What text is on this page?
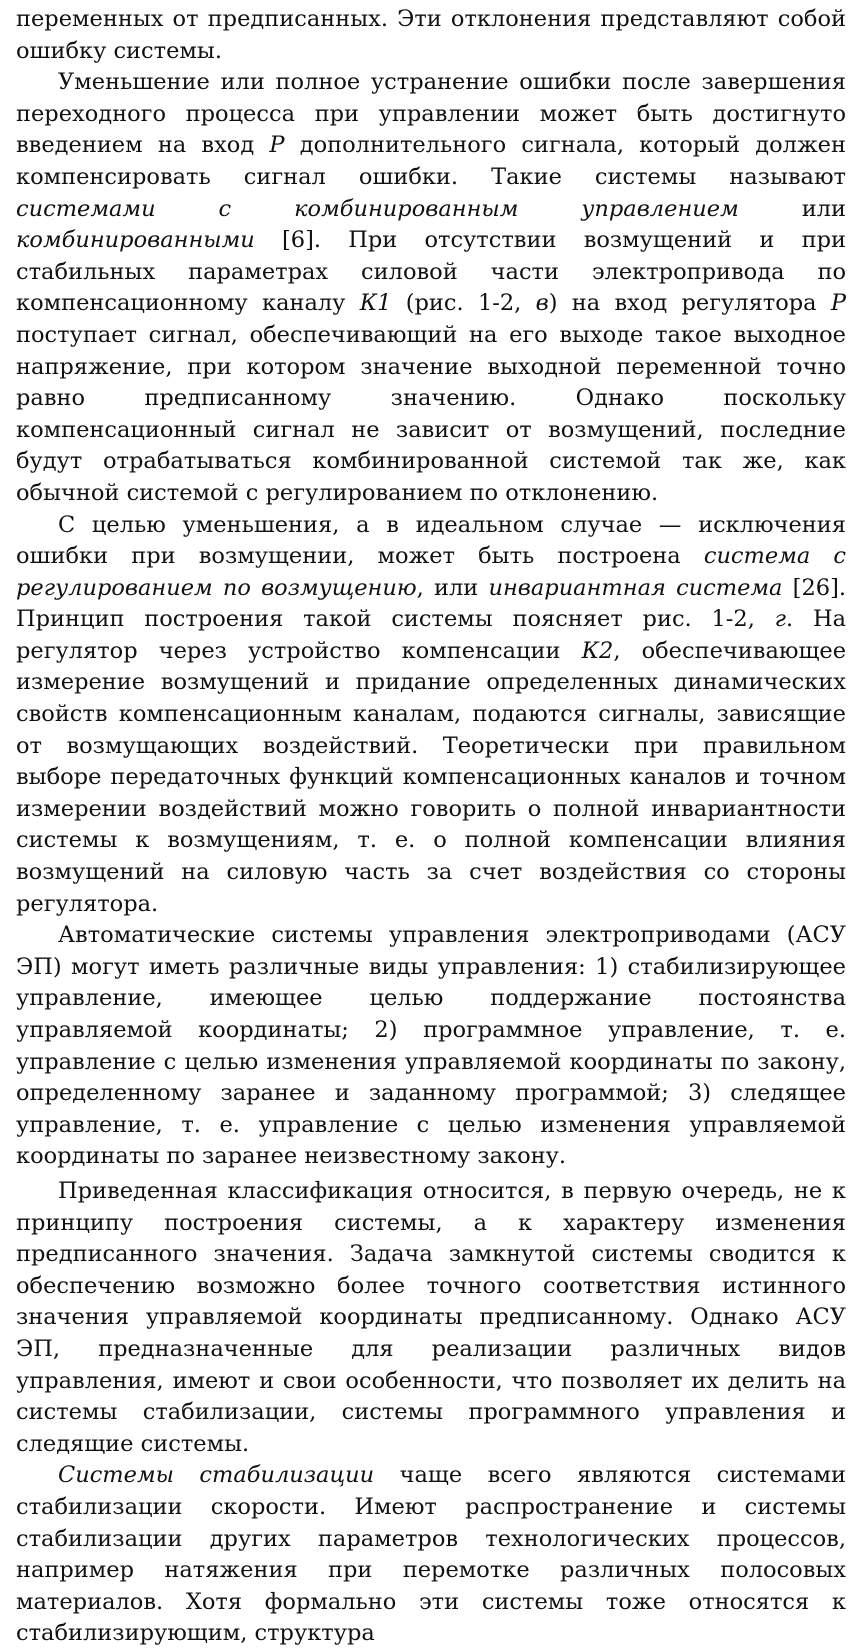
переменных от предписанных. Эти отклонения представляют собой ошибку системы.

Уменьшение или полное устранение ошибки после завершения переходного процесса при управлении может быть достигнуто введением на вход Р дополнительного сигнала, который должен компенсировать сигнал ошибки. Такие системы называют системами с комбинированным управлением или комбинированными [6]. При отсутствии возмущений и при стабильных параметрах силовой части электропривода по компенсационному каналу К1 (рис. 1-2, в) на вход регулятора Р поступает сигнал, обеспечивающий на его выходе такое выходное напряжение, при котором значение выходной переменной точно равно предписанному значению. Однако поскольку компенсационный сигнал не зависит от возмущений, последние будут отрабатываться комбинированной системой так же, как обычной системой с регулированием по отклонению.

С целью уменьшения, а в идеальном случае — исключения ошибки при возмущении, может быть построена система с регулированием по возмущению, или инвариантная система [26]. Принцип построения такой системы поясняет рис. 1-2, г. На регулятор через устройство компенсации К2, обеспечивающее измерение возмущений и придание определенных динамических свойств компенсационным каналам, подаются сигналы, зависящие от возмущающих воздействий. Теоретически при правильном выборе передаточных функций компенсационных каналов и точном измерении воздействий можно говорить о полной инвариантности системы к возмущениям, т. е. о полной компенсации влияния возмущений на силовую часть за счет воздействия со стороны регулятора.

Автоматические системы управления электроприводами (АСУ ЭП) могут иметь различные виды управления: 1) стабилизирующее управление, имеющее целью поддержание постоянства управляемой координаты; 2) программное управление, т. е. управление с целью изменения управляемой координаты по закону, определенному заранее и заданному программой; 3) следящее управление, т. е. управление с целью изменения управляемой координаты по заранее неизвестному закону.

Приведенная классификация относится, в первую очередь, не к принципу построения системы, а к характеру изменения предписанного значения. Задача замкнутой системы сводится к обеспечению возможно более точного соответствия истинного значения управляемой координаты предписанному. Однако АСУ ЭП, предназначенные для реализации различных видов управления, имеют и свои особенности, что позволяет их делить на системы стабилизации, системы программного управления и следящие системы.

Системы стабилизации чаще всего являются системами стабилизации скорости. Имеют распространение и системы стабилизации других параметров технологических процессов, например натяжения при перемотке различных полосовых материалов. Хотя формально эти системы тоже относятся к стабилизирующим, структура
